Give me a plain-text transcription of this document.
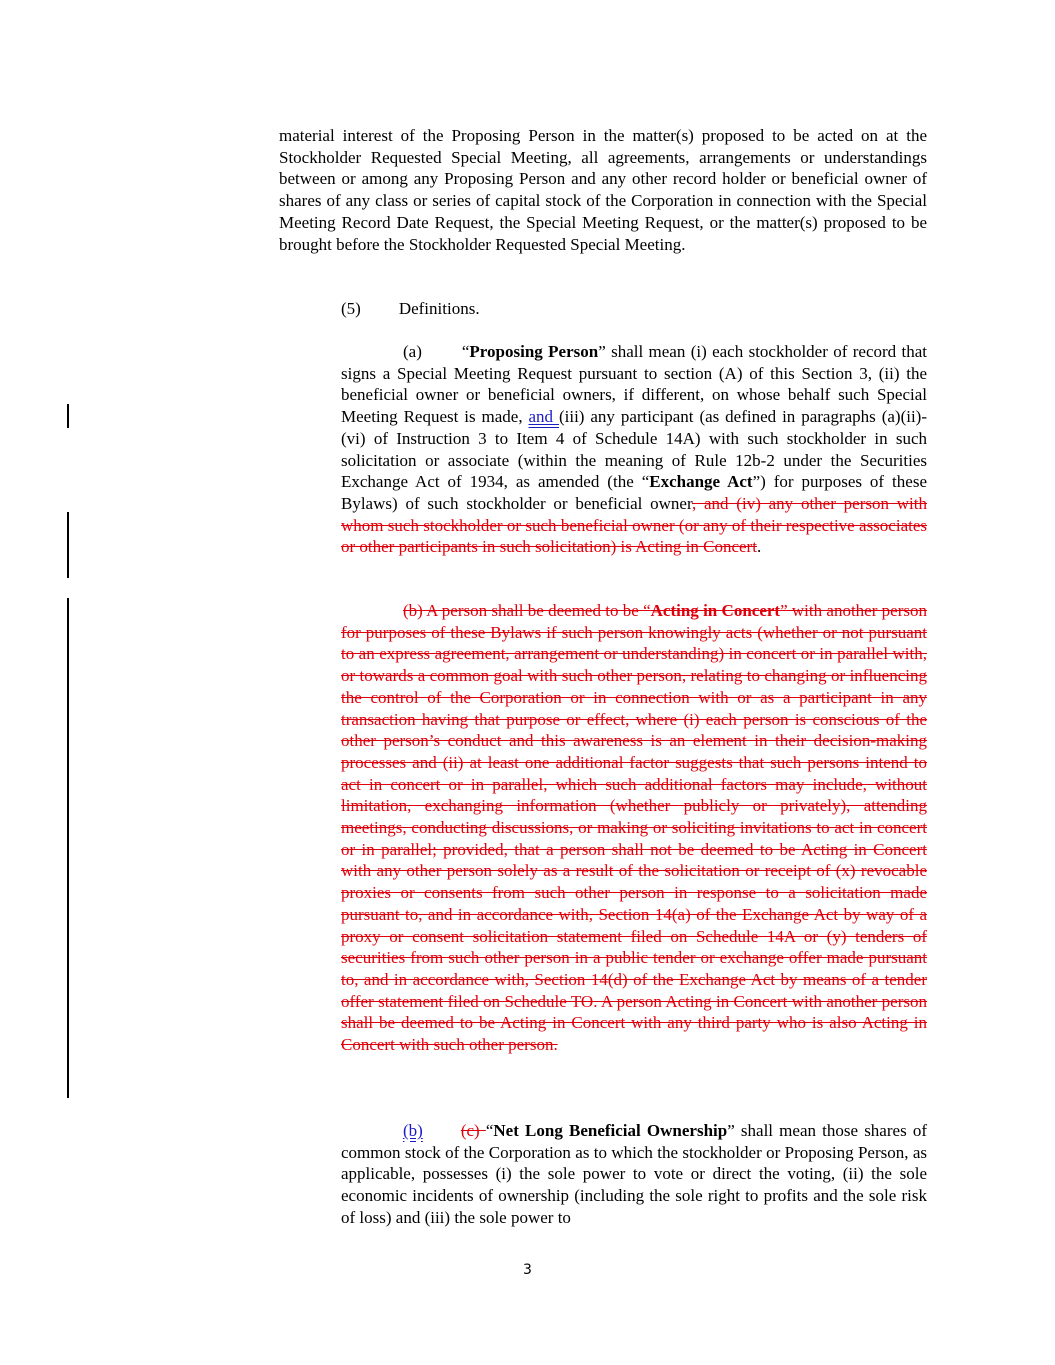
material interest of the Proposing Person in the matter(s) proposed to be acted on at the Stockholder Requested Special Meeting, all agreements, arrangements or understandings between or among any Proposing Person and any other record holder or beneficial owner of shares of any class or series of capital stock of the Corporation in connection with the Special Meeting Record Date Request, the Special Meeting Request, or the matter(s) proposed to be brought before the Stockholder Requested Special Meeting.

(5) Definitions.

(a) “Proposing Person” shall mean (i) each stockholder of record that signs a Special Meeting Request pursuant to section (A) of this Section 3, (ii) the beneficial owner or beneficial owners, if different, on whose behalf such Special Meeting Request is made, and (iii) any participant (as defined in paragraphs (a)(ii)-(vi) of Instruction 3 to Item 4 of Schedule 14A) with such stockholder in such solicitation or associate (within the meaning of Rule 12b-2 under the Securities Exchange Act of 1934, as amended (the “Exchange Act”) for purposes of these Bylaws) of such stockholder or beneficial owner, and (iv) any other person with whom such stockholder or such beneficial owner (or any of their respective associates or other participants in such solicitation) is Acting in Concert.

(b) A person shall be deemed to be “Acting in Concert” with another person for purposes of these Bylaws if such person knowingly acts (whether or not pursuant to an express agreement, arrangement or understanding) in concert or in parallel with, or towards a common goal with such other person, relating to changing or influencing the control of the Corporation or in connection with or as a participant in any transaction having that purpose or effect, where (i) each person is conscious of the other person’s conduct and this awareness is an element in their decision-making processes and (ii) at least one additional factor suggests that such persons intend to act in concert or in parallel, which such additional factors may include, without limitation, exchanging information (whether publicly or privately), attending meetings, conducting discussions, or making or soliciting invitations to act in concert or in parallel; provided, that a person shall not be deemed to be Acting in Concert with any other person solely as a result of the solicitation or receipt of (x) revocable proxies or consents from such other person in response to a solicitation made pursuant to, and in accordance with, Section 14(a) of the Exchange Act by way of a proxy or consent solicitation statement filed on Schedule 14A or (y) tenders of securities from such other person in a public tender or exchange offer made pursuant to, and in accordance with, Section 14(d) of the Exchange Act by means of a tender offer statement filed on Schedule TO. A person Acting in Concert with another person shall be deemed to be Acting in Concert with any third party who is also Acting in Concert with such other person.

(b) (c) “Net Long Beneficial Ownership” shall mean those shares of common stock of the Corporation as to which the stockholder or Proposing Person, as applicable, possesses (i) the sole power to vote or direct the voting, (ii) the sole economic incidents of ownership (including the sole right to profits and the sole risk of loss) and (iii) the sole power to

3
